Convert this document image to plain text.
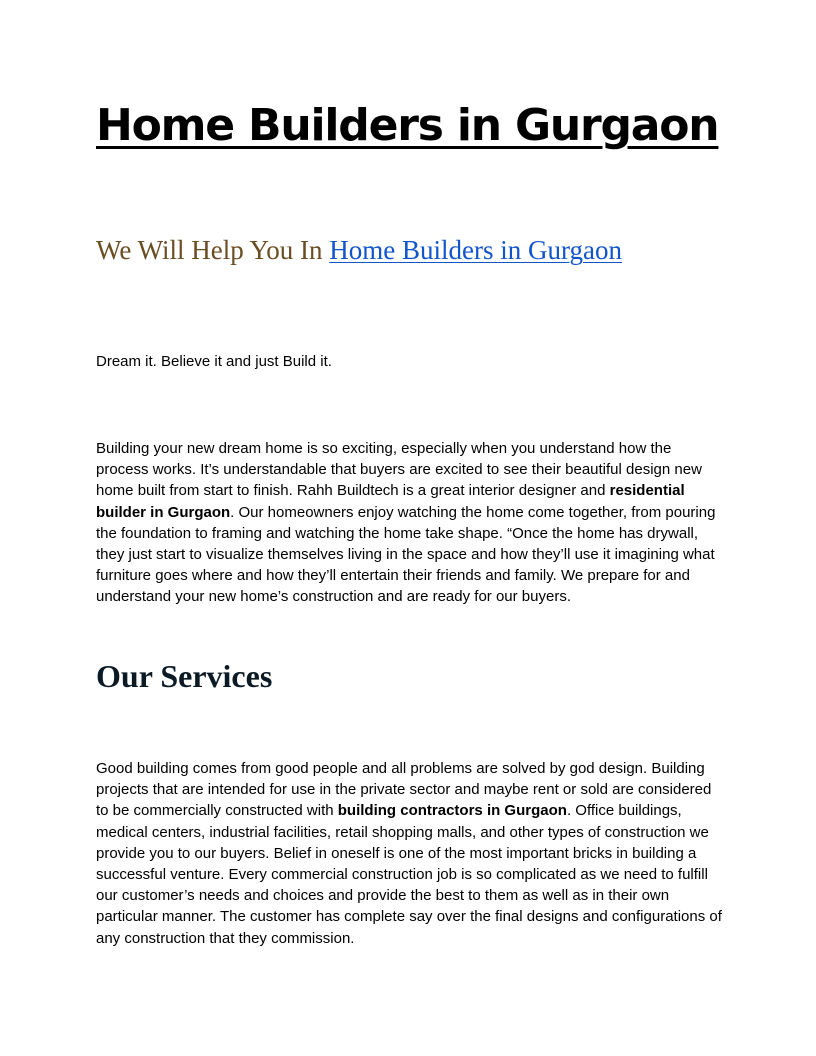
Home Builders in Gurgaon
We Will Help You In Home Builders in Gurgaon

Dream it. Believe it and just Build it.

Building your new dream home is so exciting, especially when you understand how the process works. It’s understandable that buyers are excited to see their beautiful design new home built from start to finish. Rahh Buildtech is a great interior designer and residential builder in Gurgaon. Our homeowners enjoy watching the home come together, from pouring the foundation to framing and watching the home take shape. “Once the home has drywall, they just start to visualize themselves living in the space and how they’ll use it imagining what furniture goes where and how they’ll entertain their friends and family. We prepare for and understand your new home’s construction and are ready for our buyers.

Our Services

Good building comes from good people and all problems are solved by god design. Building projects that are intended for use in the private sector and maybe rent or sold are considered to be commercially constructed with building contractors in Gurgaon. Office buildings, medical centers, industrial facilities, retail shopping malls, and other types of construction we provide you to our buyers. Belief in oneself is one of the most important bricks in building a successful venture. Every commercial construction job is so complicated as we need to fulfill our customer’s needs and choices and provide the best to them as well as in their own particular manner. The customer has complete say over the final designs and configurations of any construction that they commission.
